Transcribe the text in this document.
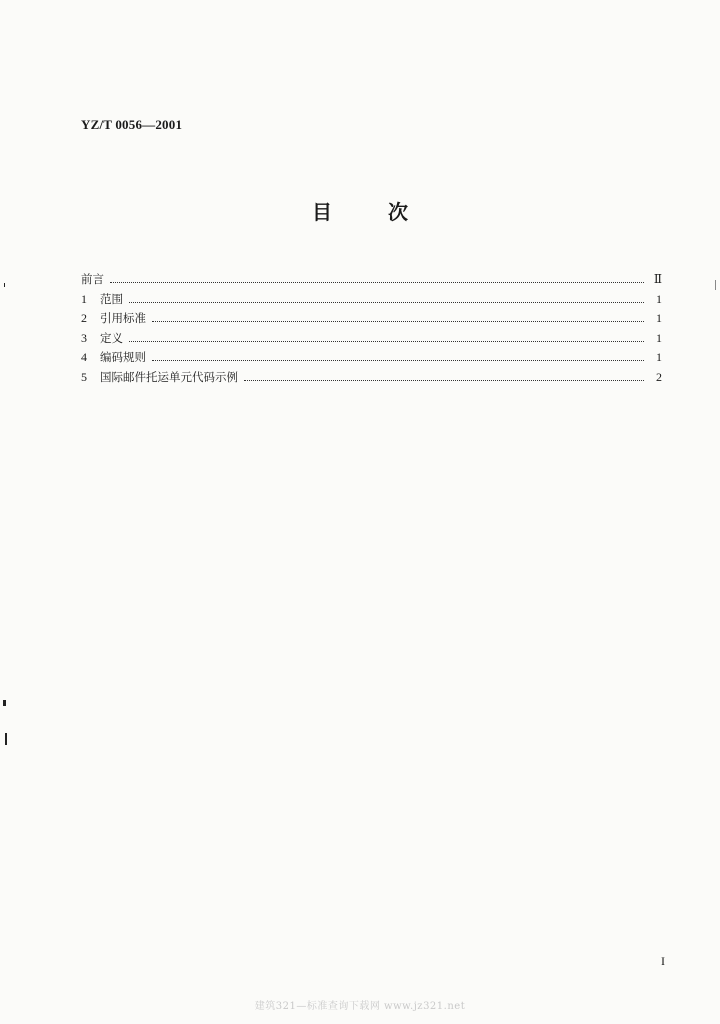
YZ/T 0056—2001
目次
前言	Ⅱ
1	范围	1
2	引用标准	1
3	定义	1
4	编码规则	1
5	国际邮件托运单元代码示例	2
I
建筑321—标准查询下载网 www.jz321.net
